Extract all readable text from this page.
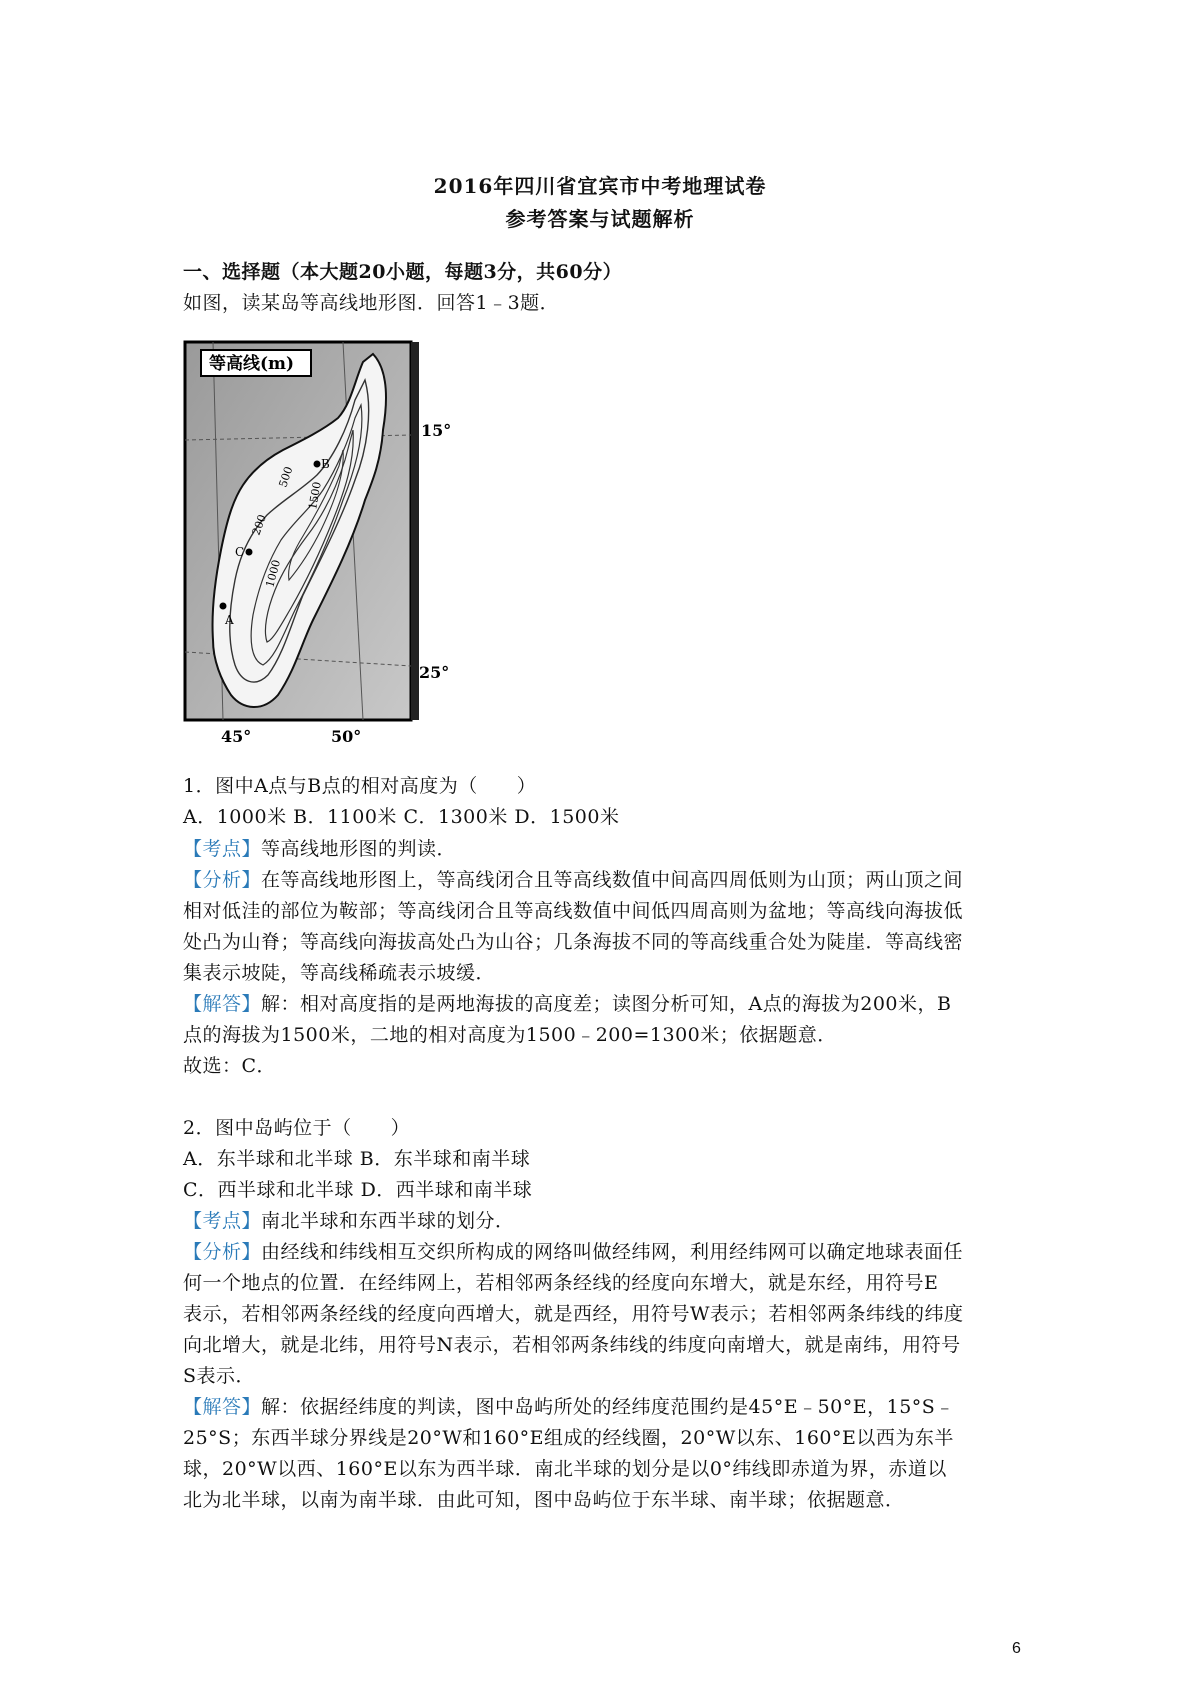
2016年四川省宜宾市中考地理试卷
参考答案与试题解析
一、选择题（本大题20小题，每题3分，共60分）
如图，读某岛等高线地形图．回答1﹣3题．
等高线(m)
15°
25°
45°	50°
500
1500
200
1000
A
B
C
1．图中A点与B点的相对高度为（　　）
A．1000米 B．1100米 C．1300米 D．1500米
【考点】等高线地形图的判读．
【分析】在等高线地形图上，等高线闭合且等高线数值中间高四周低则为山顶；两山顶之间
相对低洼的部位为鞍部；等高线闭合且等高线数值中间低四周高则为盆地；等高线向海拔低
处凸为山脊；等高线向海拔高处凸为山谷；几条海拔不同的等高线重合处为陡崖．等高线密
集表示坡陡，等高线稀疏表示坡缓．
【解答】解：相对高度指的是两地海拔的高度差；读图分析可知，A点的海拔为200米，B
点的海拔为1500米，二地的相对高度为1500﹣200=1300米；依据题意．
故选：C．
2．图中岛屿位于（　　）
A．东半球和北半球 B．东半球和南半球
C．西半球和北半球 D．西半球和南半球
【考点】南北半球和东西半球的划分．
【分析】由经线和纬线相互交织所构成的网络叫做经纬网，利用经纬网可以确定地球表面任
何一个地点的位置．在经纬网上，若相邻两条经线的经度向东增大，就是东经，用符号E
表示，若相邻两条经线的经度向西增大，就是西经，用符号W表示；若相邻两条纬线的纬度
向北增大，就是北纬，用符号N表示，若相邻两条纬线的纬度向南增大，就是南纬，用符号
S表示．
【解答】解：依据经纬度的判读，图中岛屿所处的经纬度范围约是45°E﹣50°E，15°S﹣
25°S；东西半球分界线是20°W和160°E组成的经线圈，20°W以东、160°E以西为东半
球，20°W以西、160°E以东为西半球．南北半球的划分是以0°纬线即赤道为界，赤道以
北为北半球，以南为南半球．由此可知，图中岛屿位于东半球、南半球；依据题意．
6
